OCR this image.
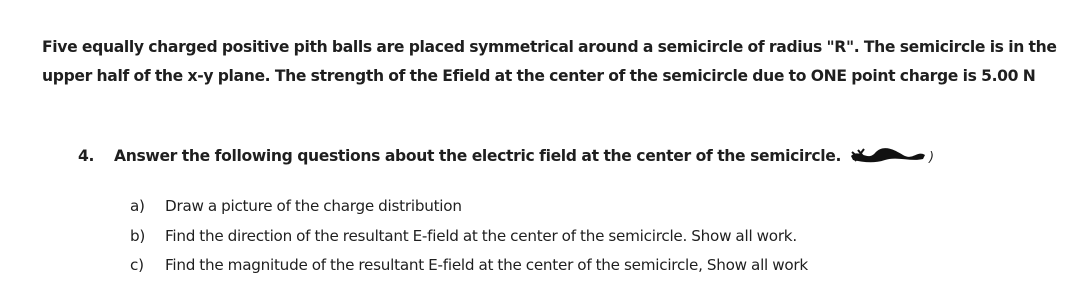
Five equally charged positive pith balls are placed symmetrical around a semicircle of radius "R". The semicircle is in the upper half of the x-y plane. The strength of the Efield at the center of the semicircle due to ONE point charge is 5.00 N
4. Answer the following questions about the electric field at the center of the semicircle.	)
a) Draw a picture of the charge distribution
b) Find the direction of the resultant E-field at the center of the semicircle. Show all work.
c) Find the magnitude of the resultant E-field at the center of the semicircle, Show all work
